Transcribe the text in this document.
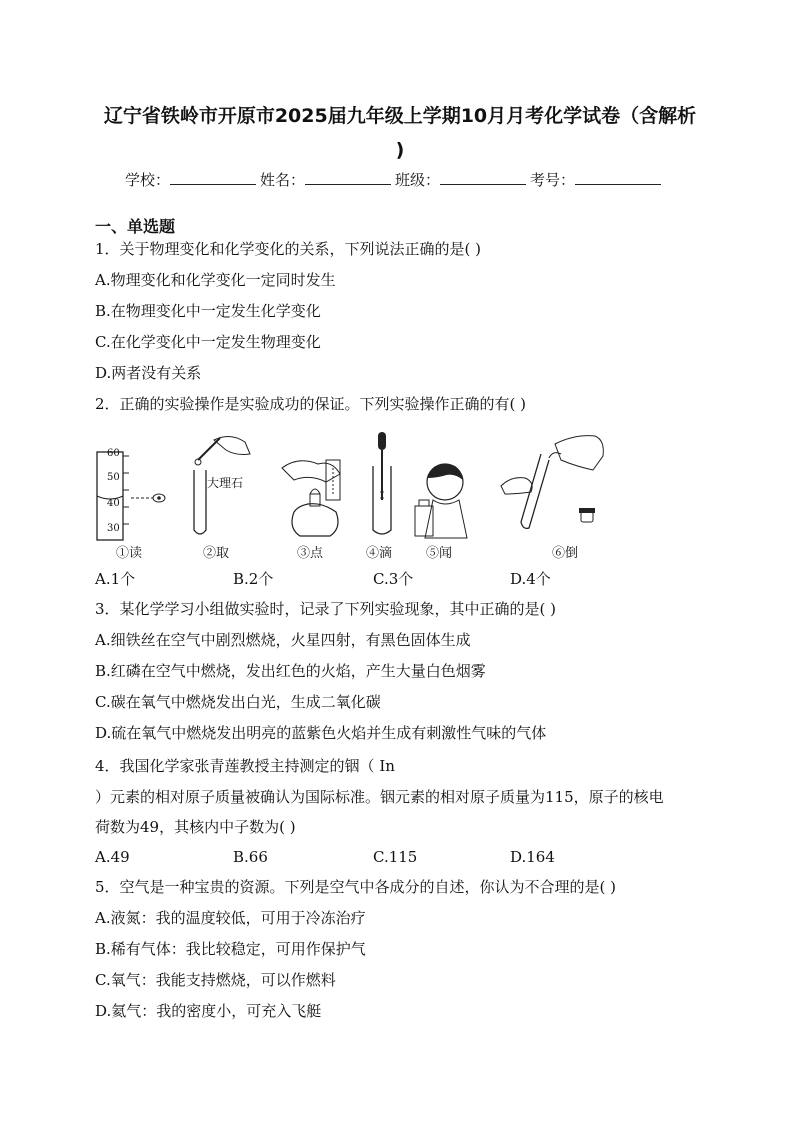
辽宁省铁岭市开原市2025届九年级上学期10月月考化学试卷（含解析
)
学校：	姓名：	班级：	考号：
一、单选题
1．关于物理变化和化学变化的关系，下列说法正确的是( )
A.物理变化和化学变化一定同时发生
B.在物理变化中一定发生化学变化
C.在化学变化中一定发生物理变化
D.两者没有关系
2．正确的实验操作是实验成功的保证。下列实验操作正确的有( )
60
50
40
30
大理石
①读	②取	③点	④滴	⑤闻	⑥倒
A.1个	B.2个	C.3个	D.4个
3．某化学学习小组做实验时，记录了下列实验现象，其中正确的是( )
A.细铁丝在空气中剧烈燃烧，火星四射，有黑色固体生成
B.红磷在空气中燃烧，发出红色的火焰，产生大量白色烟雾
C.碳在氧气中燃烧发出白光，生成二氧化碳
D.硫在氧气中燃烧发出明亮的蓝紫色火焰并生成有刺激性气味的气体
4．我国化学家张青莲教授主持测定的铟（ In
）元素的相对原子质量被确认为国际标准。铟元素的相对原子质量为115，原子的核电
荷数为49，其核内中子数为( )
A.49	B.66	C.115	D.164
5．空气是一种宝贵的资源。下列是空气中各成分的自述，你认为不合理的是( )
A.液氮：我的温度较低，可用于冷冻治疗
B.稀有气体：我比较稳定，可用作保护气
C.氧气：我能支持燃烧，可以作燃料
D.氦气：我的密度小，可充入飞艇
